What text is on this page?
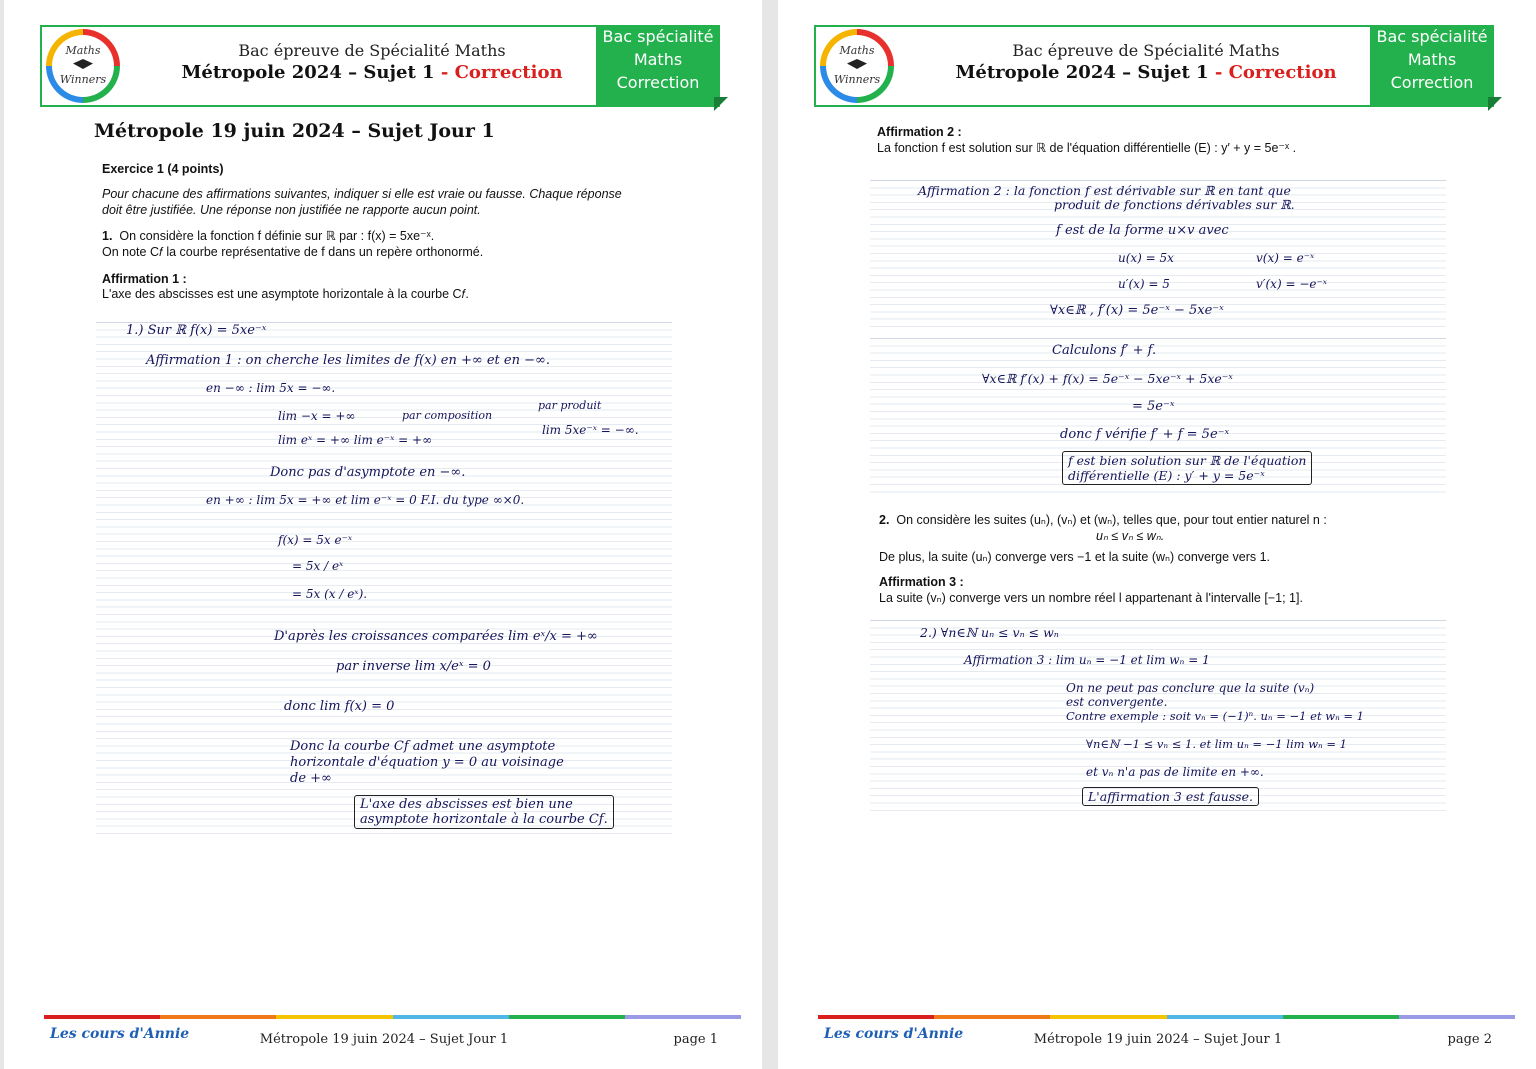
Maths
Winners
Bac épreuve de Spécialité Maths
Métropole 2024 – Sujet 1 - Correction
Bac spécialité
Maths
Correction
Métropole 19 juin 2024 – Sujet Jour 1
Exercice 1 (4 points)
Pour chacune des affirmations suivantes, indiquer si elle est vraie ou fausse. Chaque réponse doit être justifiée. Une réponse non justifiée ne rapporte aucun point.
1. On considère la fonction f définie sur ℝ par : f(x) = 5xe⁻ˣ.
On note C𝑓 la courbe représentative de f dans un repère orthonormé.
Affirmation 1 :
L'axe des abscisses est une asymptote horizontale à la courbe C𝑓.
1.) Sur ℝ f(x) = 5xe⁻ˣ
Affirmation 1 : on cherche les limites de f(x) en +∞ et en −∞.
en −∞ : lim 5x = −∞.
lim −x = +∞	par composition
par produit
lim eˣ = +∞ lim e⁻ˣ = +∞
lim 5xe⁻ˣ = −∞.
Donc pas d'asymptote en −∞.
en +∞ : lim 5x = +∞ et lim e⁻ˣ = 0 F.I. du type ∞×0.
f(x) = 5x e⁻ˣ
= 5x / eˣ
= 5x (x / eˣ).
D'après les croissances comparées lim eˣ/x = +∞
par inverse lim x/eˣ = 0
donc lim f(x) = 0
Donc la courbe C𝑓 admet une asymptote
horizontale d'équation y = 0 au voisinage
de +∞
L'axe des abscisses est bien une
asymptote horizontale à la courbe C𝑓.
Les cours d'Annie	Métropole 19 juin 2024 – Sujet Jour 1	page 1
Maths
Winners
Bac épreuve de Spécialité Maths
Métropole 2024 – Sujet 1 - Correction
Bac spécialité
Maths
Correction
Affirmation 2 :
La fonction f est solution sur ℝ de l'équation différentielle (E) : y′ + y = 5e⁻ˣ .
Affirmation 2 : la fonction f est dérivable sur ℝ en tant que
produit de fonctions dérivables sur ℝ.
f est de la forme u×v avec
u(x) = 5x	v(x) = e⁻ˣ
u′(x) = 5	v′(x) = −e⁻ˣ
∀x∈ℝ , f′(x) = 5e⁻ˣ − 5xe⁻ˣ
Calculons f′ + f.
∀x∈ℝ f′(x) + f(x) = 5e⁻ˣ − 5xe⁻ˣ + 5xe⁻ˣ
= 5e⁻ˣ
donc f vérifie f′ + f = 5e⁻ˣ
f est bien solution sur ℝ de l'équation
différentielle (E) : y′ + y = 5e⁻ˣ
2. On considère les suites (uₙ), (vₙ) et (wₙ), telles que, pour tout entier naturel n :
uₙ ≤ vₙ ≤ wₙ.
De plus, la suite (uₙ) converge vers −1 et la suite (wₙ) converge vers 1.
Affirmation 3 :
La suite (vₙ) converge vers un nombre réel l appartenant à l'intervalle [−1; 1].
2.) ∀n∈ℕ uₙ ≤ vₙ ≤ wₙ
Affirmation 3 : lim uₙ = −1 et lim wₙ = 1
On ne peut pas conclure que la suite (vₙ)
est convergente.
Contre exemple : soit vₙ = (−1)ⁿ. uₙ = −1 et wₙ = 1
∀n∈ℕ −1 ≤ vₙ ≤ 1. et lim uₙ = −1 lim wₙ = 1
et vₙ n'a pas de limite en +∞.
L'affirmation 3 est fausse.
Les cours d'Annie	Métropole 19 juin 2024 – Sujet Jour 1	page 2
